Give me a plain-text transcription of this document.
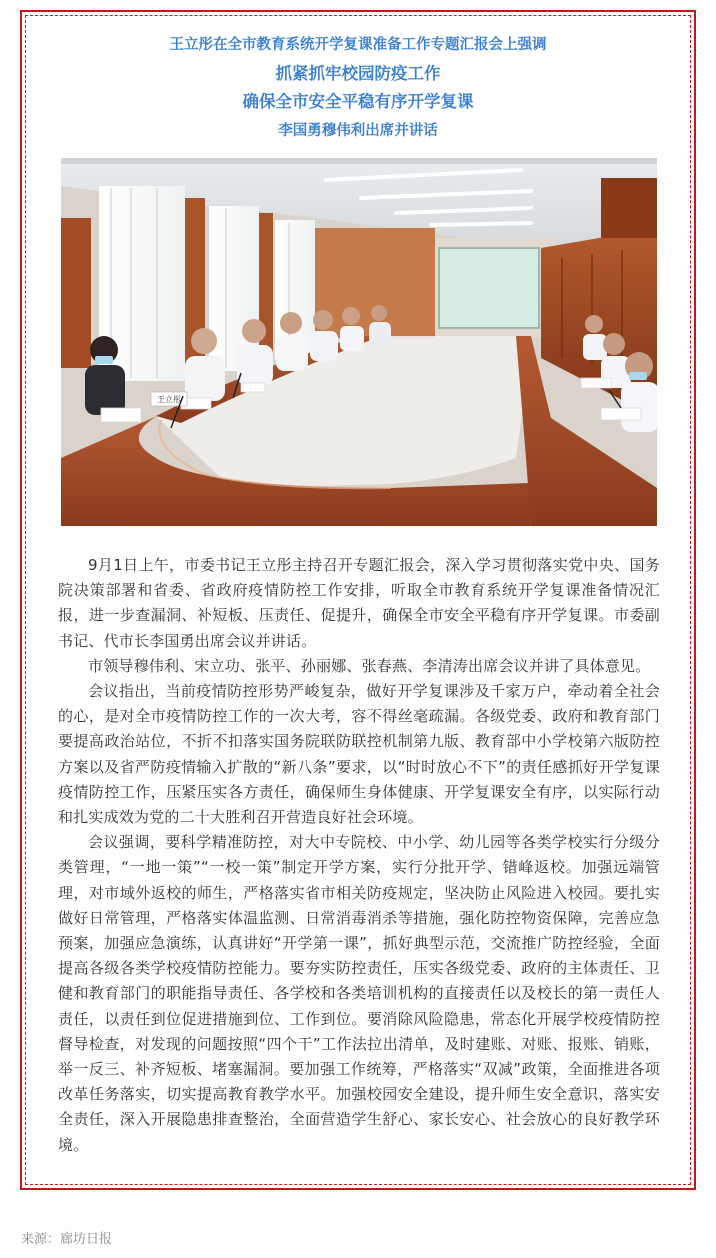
王立彤在全市教育系统开学复课准备工作专题汇报会上强调
抓紧抓牢校园防疫工作
确保全市安全平稳有序开学复课
李国勇穆伟利出席并讲话
王立彤

9月1日上午，市委书记王立彤主持召开专题汇报会，深入学习贯彻落实党中央、国务院决策部署和省委、省政府疫情防控工作安排，听取全市教育系统开学复课准备情况汇报，进一步查漏洞、补短板、压责任、促提升，确保全市安全平稳有序开学复课。市委副书记、代市长李国勇出席会议并讲话。

市领导穆伟利、宋立功、张平、孙丽娜、张春燕、李清涛出席会议并讲了具体意见。

会议指出，当前疫情防控形势严峻复杂，做好开学复课涉及千家万户，牵动着全社会的心，是对全市疫情防控工作的一次大考，容不得丝毫疏漏。各级党委、政府和教育部门要提高政治站位，不折不扣落实国务院联防联控机制第九版、教育部中小学校第六版防控方案以及省严防疫情输入扩散的“新八条”要求，以“时时放心不下”的责任感抓好开学复课疫情防控工作，压紧压实各方责任，确保师生身体健康、开学复课安全有序，以实际行动和扎实成效为党的二十大胜利召开营造良好社会环境。

会议强调，要科学精准防控，对大中专院校、中小学、幼儿园等各类学校实行分级分类管理，“一地一策”“一校一策”制定开学方案，实行分批开学、错峰返校。加强远端管理，对市域外返校的师生，严格落实省市相关防疫规定，坚决防止风险进入校园。要扎实做好日常管理，严格落实体温监测、日常消毒消杀等措施，强化防控物资保障，完善应急预案，加强应急演练，认真讲好“开学第一课”，抓好典型示范，交流推广防控经验，全面提高各级各类学校疫情防控能力。要夯实防控责任，压实各级党委、政府的主体责任、卫健和教育部门的职能指导责任、各学校和各类培训机构的直接责任以及校长的第一责任人责任，以责任到位促进措施到位、工作到位。要消除风险隐患，常态化开展学校疫情防控督导检查，对发现的问题按照“四个干”工作法拉出清单，及时建账、对账、报账、销账，举一反三、补齐短板、堵塞漏洞。要加强工作统筹，严格落实“双减”政策，全面推进各项改革任务落实，切实提高教育教学水平。加强校园安全建设，提升师生安全意识，落实安全责任，深入开展隐患排查整治，全面营造学生舒心、家长安心、社会放心的良好教学环境。

来源：廊坊日报
